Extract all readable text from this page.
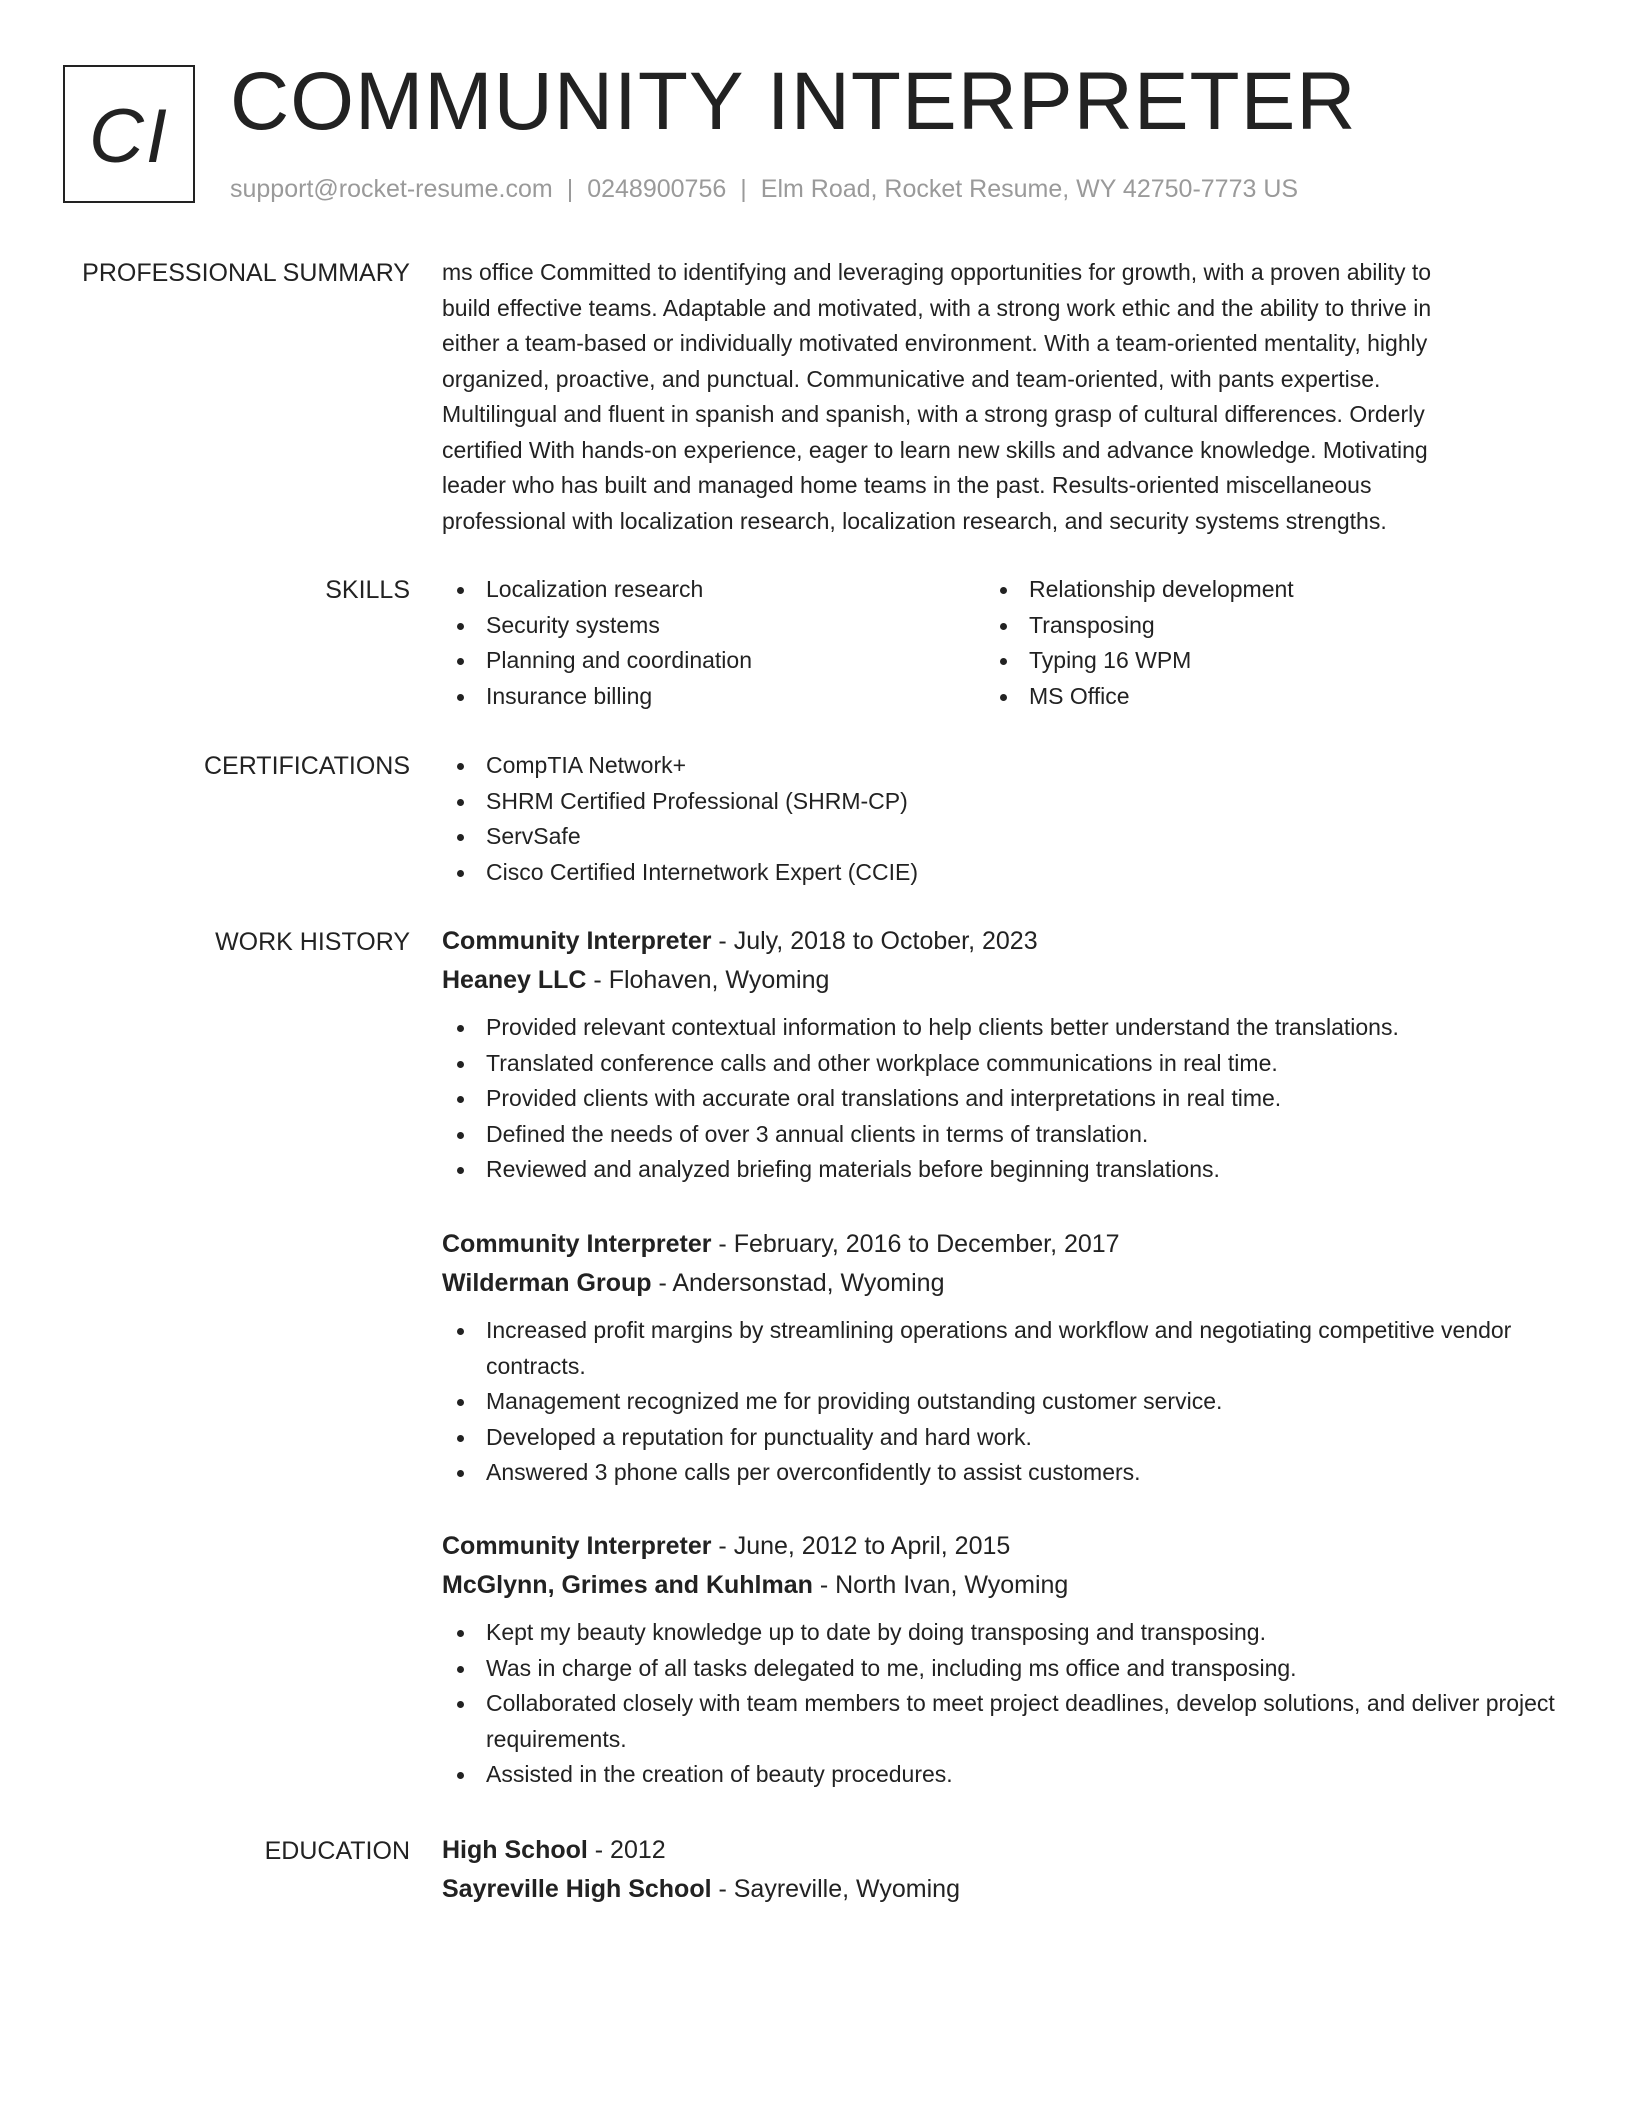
CI COMMUNITY INTERPRETER
support@rocket-resume.com | 0248900756 | Elm Road, Rocket Resume, WY 42750-7773 US
PROFESSIONAL SUMMARY ms office Committed to identifying and leveraging opportunities for growth, with a proven ability to

build effective teams. Adaptable and motivated, with a strong work ethic and the ability to thrive in

either a team-based or individually motivated environment. With a team-oriented mentality, highly

organized, proactive, and punctual. Communicative and team-oriented, with pants expertise.

Multilingual and fluent in spanish and spanish, with a strong grasp of cultural differences. Orderly

certified With hands-on experience, eager to learn new skills and advance knowledge. Motivating

leader who has built and managed home teams in the past. Results-oriented miscellaneous

professional with localization research, localization research, and security systems strengths.

SKILLS	Localization research
Security systems
Planning and coordination
Insurance billing
Relationship development
Transposing
Typing 16 WPM
MS Office
CERTIFICATIONS	CompTIA Network+
SHRM Certified Professional (SHRM-CP)
ServSafe
Cisco Certified Internetwork Expert (CCIE)
WORK HISTORY Community Interpreter - July, 2018 to October, 2023
Heaney LLC - Flohaven, Wyoming
Provided relevant contextual information to help clients better understand the translations.
Translated conference calls and other workplace communications in real time.
Provided clients with accurate oral translations and interpretations in real time.
Defined the needs of over 3 annual clients in terms of translation.
Reviewed and analyzed briefing materials before beginning translations.
Community Interpreter - February, 2016 to December, 2017
Wilderman Group - Andersonstad, Wyoming
Increased profit margins by streamlining operations and workflow and negotiating competitive vendor contracts.
Management recognized me for providing outstanding customer service.
Developed a reputation for punctuality and hard work.
Answered 3 phone calls per overconfidently to assist customers.
Community Interpreter - June, 2012 to April, 2015
McGlynn, Grimes and Kuhlman - North Ivan, Wyoming
Kept my beauty knowledge up to date by doing transposing and transposing.
Was in charge of all tasks delegated to me, including ms office and transposing.
Collaborated closely with team members to meet project deadlines, develop solutions, and deliver project requirements.
Assisted in the creation of beauty procedures.
EDUCATION High School - 2012
Sayreville High School - Sayreville, Wyoming
